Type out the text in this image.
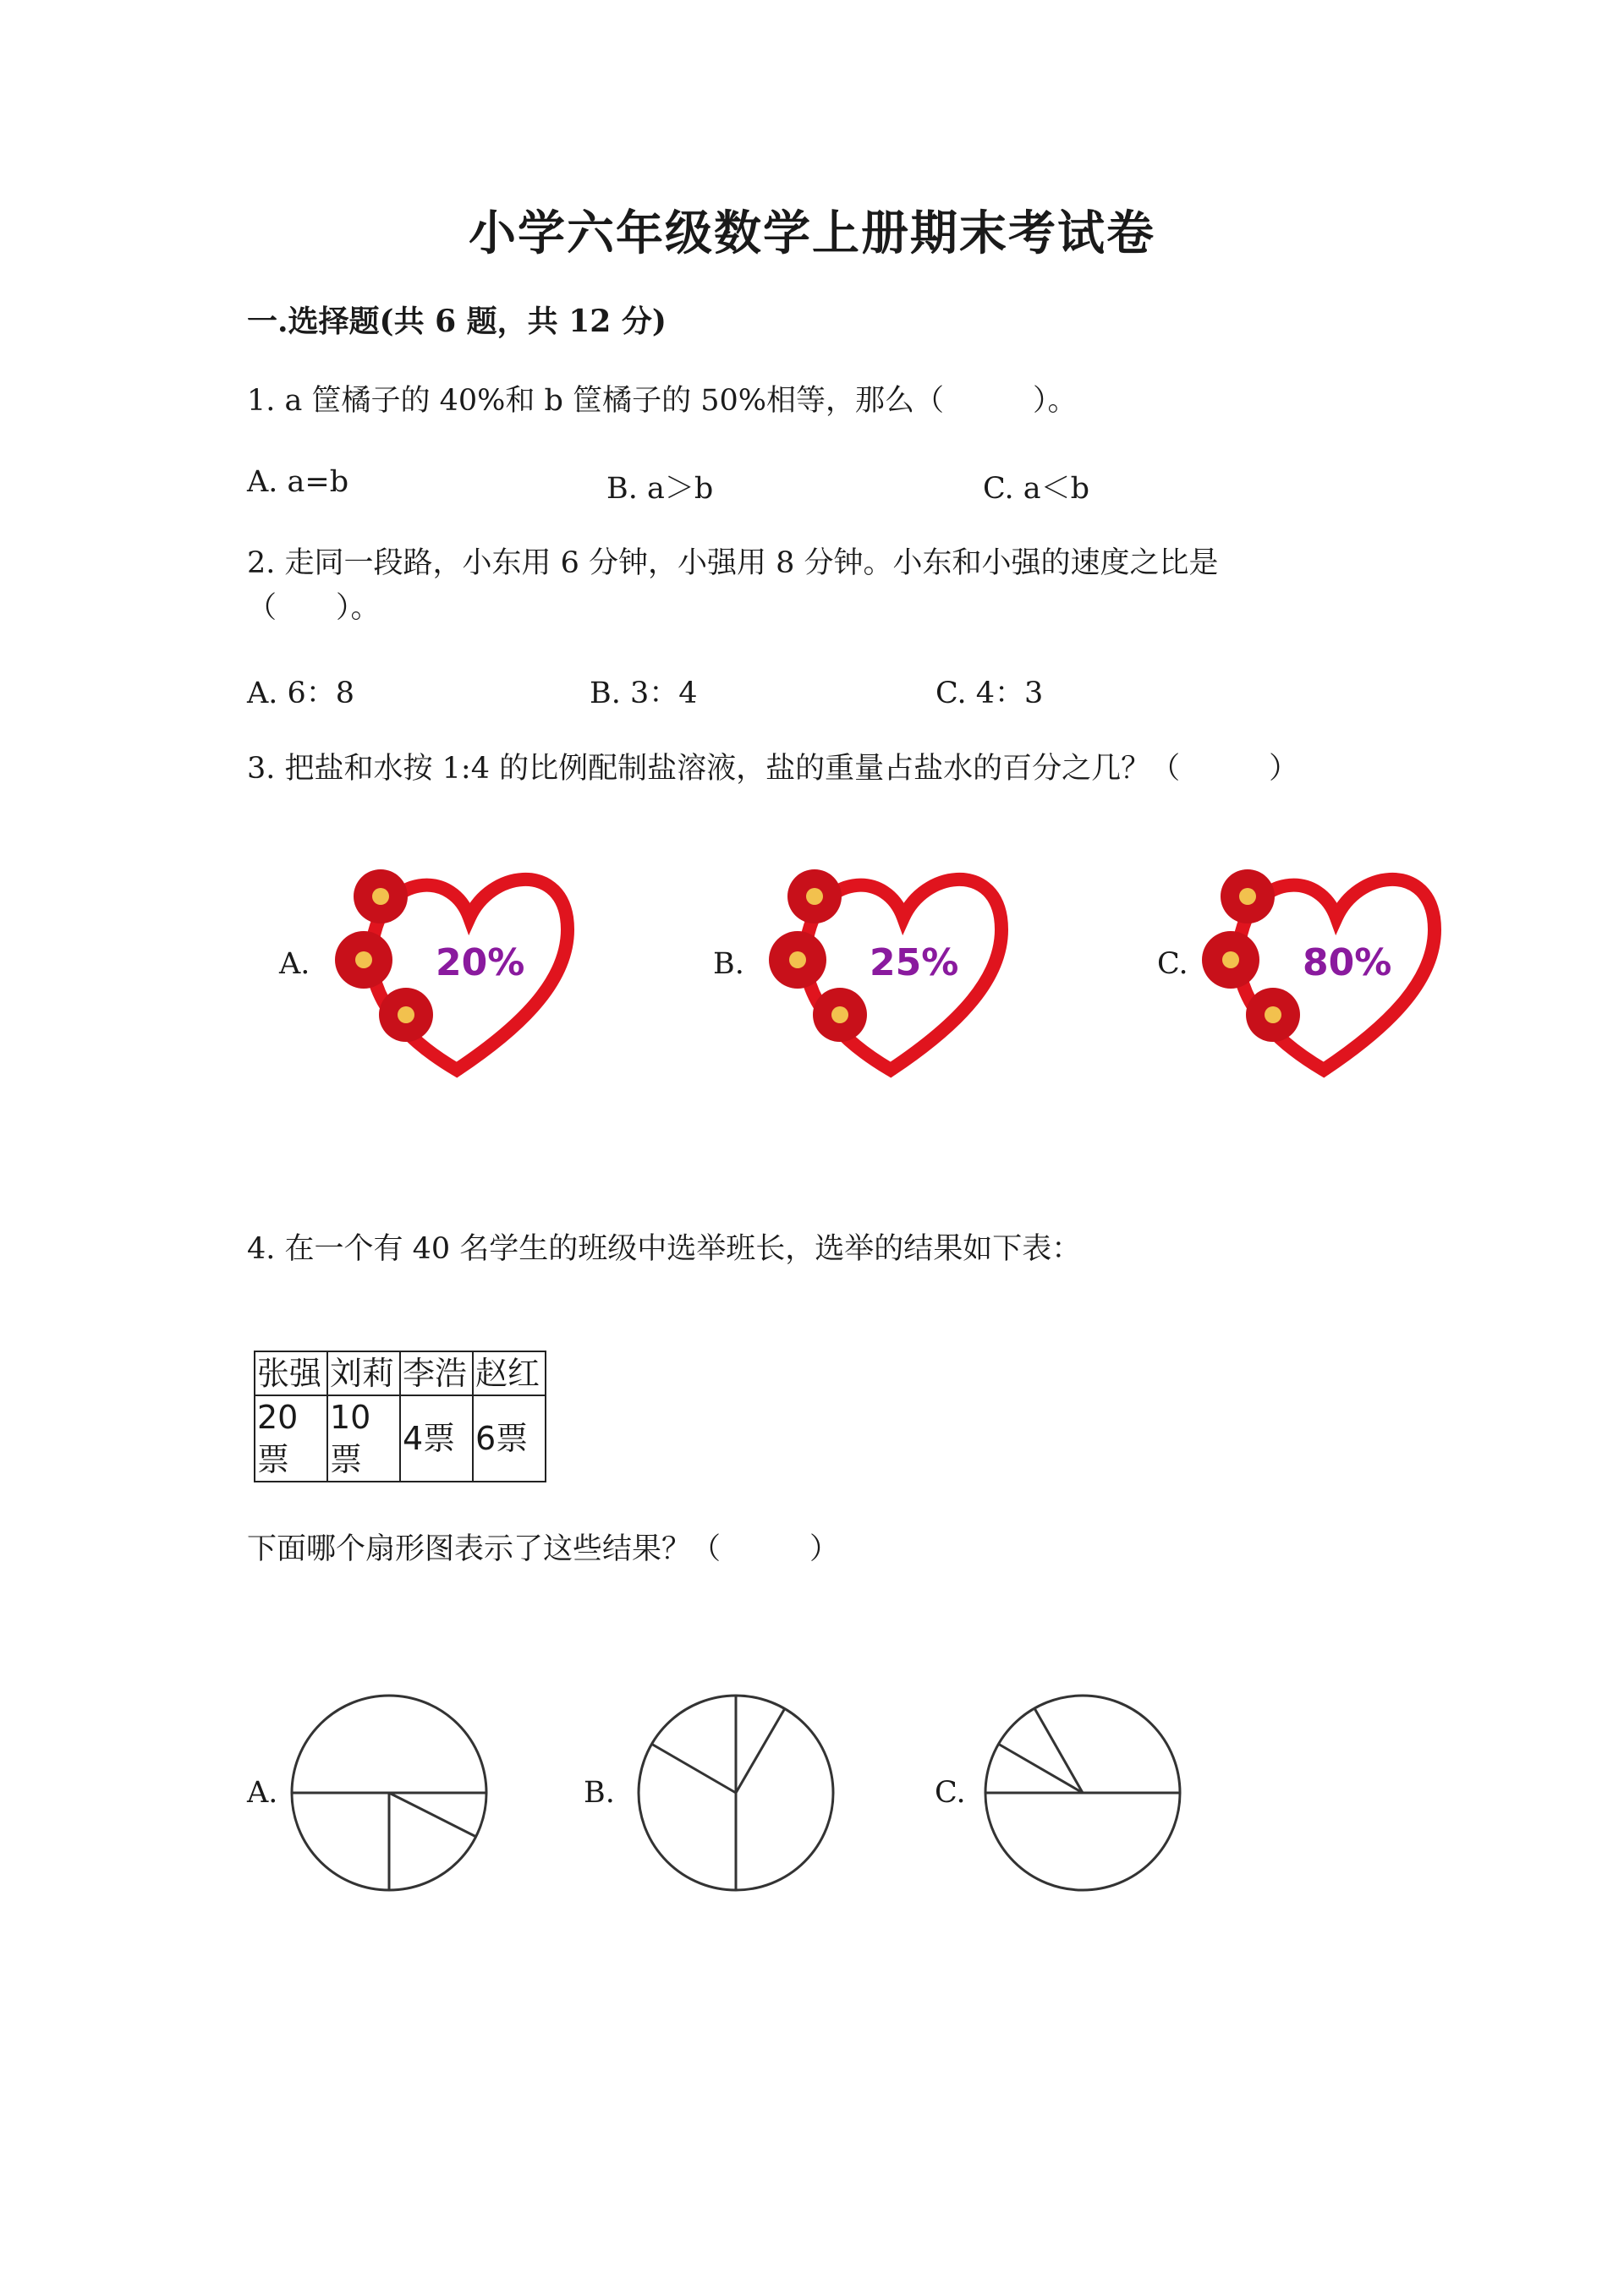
小学六年级数学上册期末考试卷
一.选择题(共 6 题，共 12 分)
1. a 筐橘子的 40%和 b 筐橘子的 50%相等，那么（　　　）。
A. a=b	B. a＞b	C. a＜b
2. 走同一段路，小东用 6 分钟，小强用 8 分钟。小东和小强的速度之比是
（　　）。
A. 6：8	B. 3：4	C. 4：3
3. 把盐和水按 1:4 的比例配制盐溶液，盐的重量占盐水的百分之几？（　　　）
A.	20%	B.	25%	C.	80%
4. 在一个有 40 名学生的班级中选举班长，选举的结果如下表：
张强	刘莉	李浩	赵红
20票	10票	4票	6票
下面哪个扇形图表示了这些结果？（　　　）
A.	B.	C.
